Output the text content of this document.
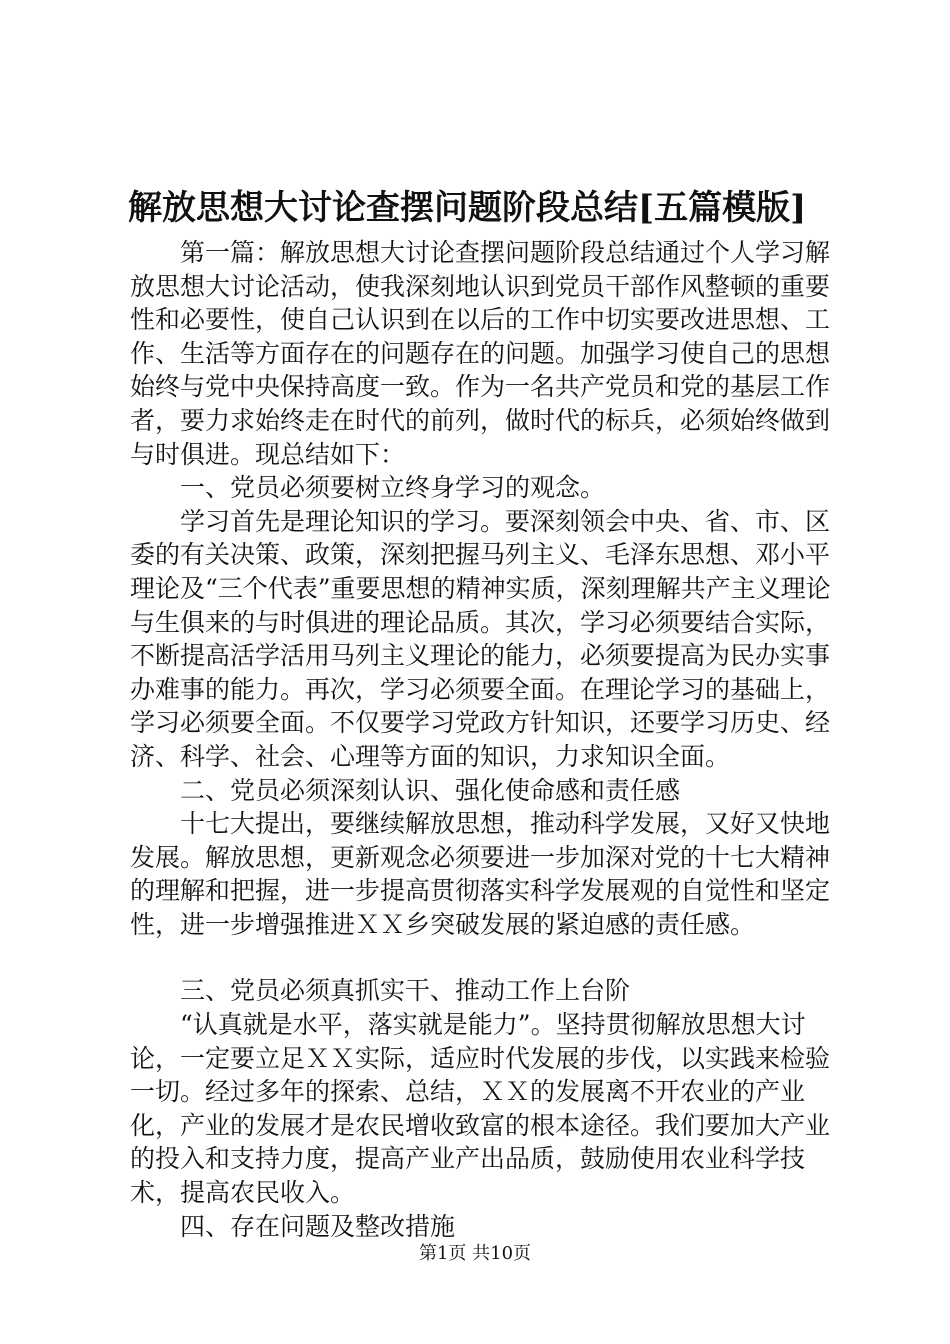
解放思想大讨论查摆问题阶段总结[五篇模版]

第一篇：解放思想大讨论查摆问题阶段总结通过个人学习解放思想大讨论活动，使我深刻地认识到党员干部作风整顿的重要性和必要性，使自己认识到在以后的工作中切实要改进思想、工作、生活等方面存在的问题存在的问题。加强学习使自己的思想始终与党中央保持高度一致。作为一名共产党员和党的基层工作者，要力求始终走在时代的前列，做时代的标兵，必须始终做到与时俱进。现总结如下：

一、党员必须要树立终身学习的观念。

学习首先是理论知识的学习。要深刻领会中央、省、市、区委的有关决策、政策，深刻把握马列主义、毛泽东思想、邓小平理论及“三个代表”重要思想的精神实质，深刻理解共产主义理论与生俱来的与时俱进的理论品质。其次，学习必须要结合实际，不断提高活学活用马列主义理论的能力，必须要提高为民办实事办难事的能力。再次，学习必须要全面。在理论学习的基础上，学习必须要全面。不仅要学习党政方针知识，还要学习历史、经济、科学、社会、心理等方面的知识，力求知识全面。

二、党员必须深刻认识、强化使命感和责任感

十七大提出，要继续解放思想，推动科学发展，又好又快地发展。解放思想，更新观念必须要进一步加深对党的十七大精神的理解和把握，进一步提高贯彻落实科学发展观的自觉性和坚定性，进一步增强推进ＸＸ乡突破发展的紧迫感的责任感。

三、党员必须真抓实干、推动工作上台阶

“认真就是水平，落实就是能力”。坚持贯彻解放思想大讨论，一定要立足ＸＸ实际，适应时代发展的步伐，以实践来检验一切。经过多年的探索、总结，ＸＸ的发展离不开农业的产业化，产业的发展才是农民增收致富的根本途径。我们要加大产业的投入和支持力度，提高产业产出品质，鼓励使用农业科学技术，提高农民收入。

四、存在问题及整改措施

第1页 共10页
